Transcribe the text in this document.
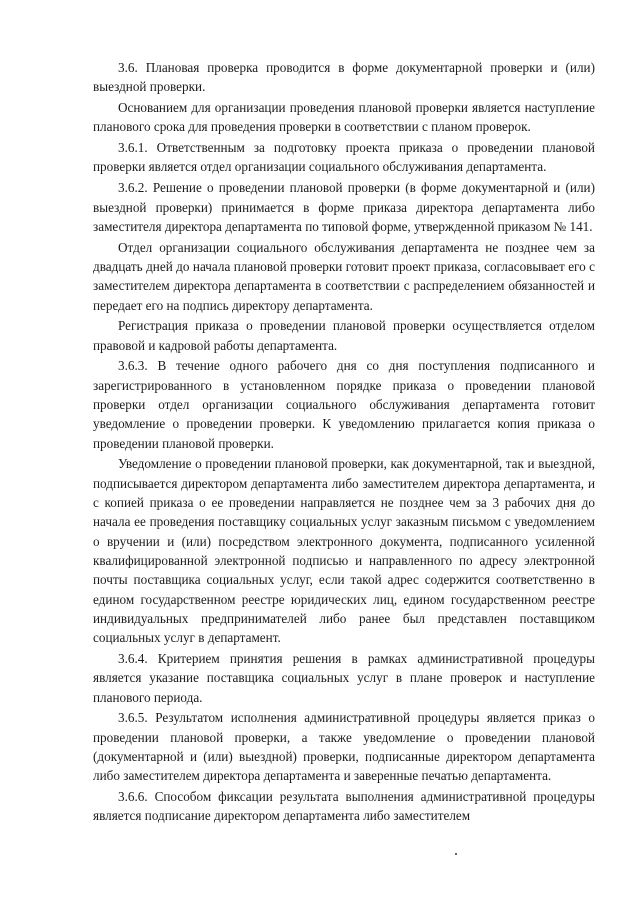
3.6. Плановая проверка проводится в форме документарной проверки и (или) выездной проверки.

Основанием для организации проведения плановой проверки является наступление планового срока для проведения проверки в соответствии с планом проверок.

3.6.1. Ответственным за подготовку проекта приказа о проведении плановой проверки является отдел организации социального обслуживания департамента.

3.6.2. Решение о проведении плановой проверки (в форме документарной и (или) выездной проверки) принимается в форме приказа директора департамента либо заместителя директора департамента по типовой форме, утвержденной приказом № 141.

Отдел организации социального обслуживания департамента не позднее чем за двадцать дней до начала плановой проверки готовит проект приказа, согласовывает его с заместителем директора департамента в соответствии с распределением обязанностей и передает его на подпись директору департамента.

Регистрация приказа о проведении плановой проверки осуществляется отделом правовой и кадровой работы департамента.

3.6.3. В течение одного рабочего дня со дня поступления подписанного и зарегистрированного в установленном порядке приказа о проведении плановой проверки отдел организации социального обслуживания департамента готовит уведомление о проведении проверки. К уведомлению прилагается копия приказа о проведении плановой проверки.

Уведомление о проведении плановой проверки, как документарной, так и выездной, подписывается директором департамента либо заместителем директора департамента, и с копией приказа о ее проведении направляется не позднее чем за 3 рабочих дня до начала ее проведения поставщику социальных услуг заказным письмом с уведомлением о вручении и (или) посредством электронного документа, подписанного усиленной квалифицированной электронной подписью и направленного по адресу электронной почты поставщика социальных услуг, если такой адрес содержится соответственно в едином государственном реестре юридических лиц, едином государственном реестре индивидуальных предпринимателей либо ранее был представлен поставщиком социальных услуг в департамент.

3.6.4. Критерием принятия решения в рамках административной процедуры является указание поставщика социальных услуг в плане проверок и наступление планового периода.

3.6.5. Результатом исполнения административной процедуры является приказ о проведении плановой проверки, а также уведомление о проведении плановой (документарной и (или) выездной) проверки, подписанные директором департамента либо заместителем директора департамента и заверенные печатью департамента.

3.6.6. Способом фиксации результата выполнения административной процедуры является подписание директором департамента либо заместителем
